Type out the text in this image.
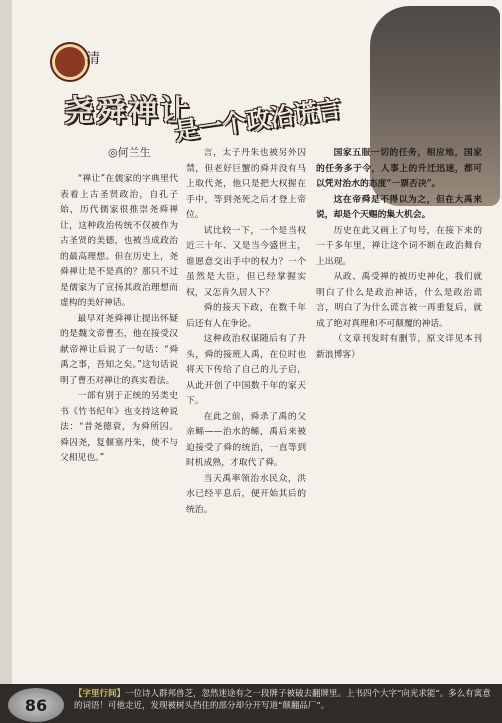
清
尧舜禅让
是一个政治谎言
◎何兰生

“禅让”在儒家的字典里代表着上古圣贤政治，自孔子始，历代儒家很推崇尧舜禅让，这种政治传统不仅被作为古圣贤的美德，也被当成政治的最高理想。但在历史上，尧舜禅让是不是真的？那只不过是儒家为了宣扬其政治理想而虚构的美好神话。

最早对尧舜禅让提出怀疑的是魏文帝曹丕，他在接受汉献帝禅让后说了一句话：“舜禹之事，吾知之矣。”这句话说明了曹丕对禅让的真实看法。

一部有别于正统的另类史书《竹书纪年》也支持这种说法：“昔尧德衰，为舜所囚。舜囚尧，复偃塞丹朱，使不与父相见也。”

言，太子丹朱也被另外囚禁，但老好巨蟹的舜并没有马上取代尧，他只是把大权握在手中，等到尧死之后才登上帝位。

试比较一下，一个是当权近三十年、又是当今盛世主，谁愿意交出手中的权力？一个虽然是大臣，但已经掌握实权，又怎肯久居人下？

舜的接天下政，在数千年后还有人在争论。

这种政治权谋随后有了升头，舜的接班人禹，在位时也将天下传给了自己的儿子启，从此开创了中国数千年的家天下。

在此之前，舜杀了禹的父亲鲧——治水的鲧，禹后来被迫接受了舜的统治，一直等到时机成熟，才取代了舜。

当天禹率领治水民众，洪水已经平息后，便开始其后的统治。

国家五服一切的任务，相应地，国家的任务多于令，人事上的升迁迅速，都可以凭对治水的态度“一票否决”。

这在帝舜是不得以为之，但在大禹来说，却是个天赐的集大机会。

历史在此又画上了句号，在接下来的一千多年里，禅让这个词不断在政治舞台上出现。

从政、禹受禅的被历史神化，我们就明白了什么是政治神话，什么是政治谎言，明白了为什么谎言被一再重复后，就成了绝对真理和不可颠覆的神话。

（文章刊发时有删节，原文详见本刊新浪博客）

86
【字里行间】一位诗人群邦兽芝，忽然迷途有之一段牌子被破去翻牌里。上书四个大字“向光求能”。多么有寓意的词语！可他走近，发现被树头挡住的部分却分开写道“颠翻品厂”。
